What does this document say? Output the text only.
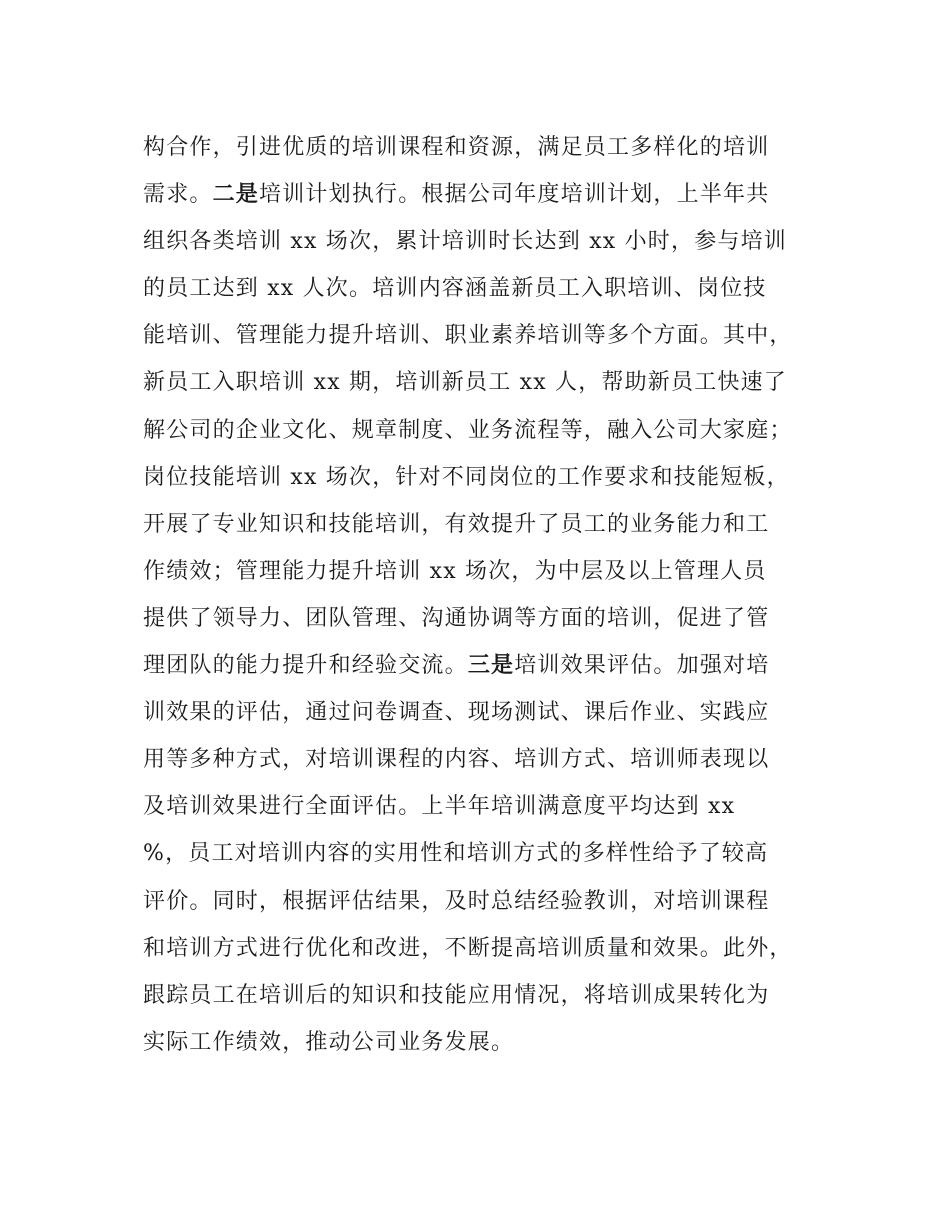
构合作，引进优质的培训课程和资源，满足员工多样化的培训
需求。二是培训计划执行。根据公司年度培训计划，上半年共
组织各类培训 xx 场次，累计培训时长达到 xx 小时，参与培训
的员工达到 xx 人次。培训内容涵盖新员工入职培训、岗位技
能培训、管理能力提升培训、职业素养培训等多个方面。其中，
新员工入职培训 xx 期，培训新员工 xx 人，帮助新员工快速了
解公司的企业文化、规章制度、业务流程等，融入公司大家庭；
岗位技能培训 xx 场次，针对不同岗位的工作要求和技能短板，
开展了专业知识和技能培训，有效提升了员工的业务能力和工
作绩效；管理能力提升培训 xx 场次，为中层及以上管理人员
提供了领导力、团队管理、沟通协调等方面的培训，促进了管
理团队的能力提升和经验交流。三是培训效果评估。加强对培
训效果的评估，通过问卷调查、现场测试、课后作业、实践应
用等多种方式，对培训课程的内容、培训方式、培训师表现以
及培训效果进行全面评估。上半年培训满意度平均达到 xx
%，员工对培训内容的实用性和培训方式的多样性给予了较高
评价。同时，根据评估结果，及时总结经验教训，对培训课程
和培训方式进行优化和改进，不断提高培训质量和效果。此外，
跟踪员工在培训后的知识和技能应用情况，将培训成果转化为
实际工作绩效，推动公司业务发展。
